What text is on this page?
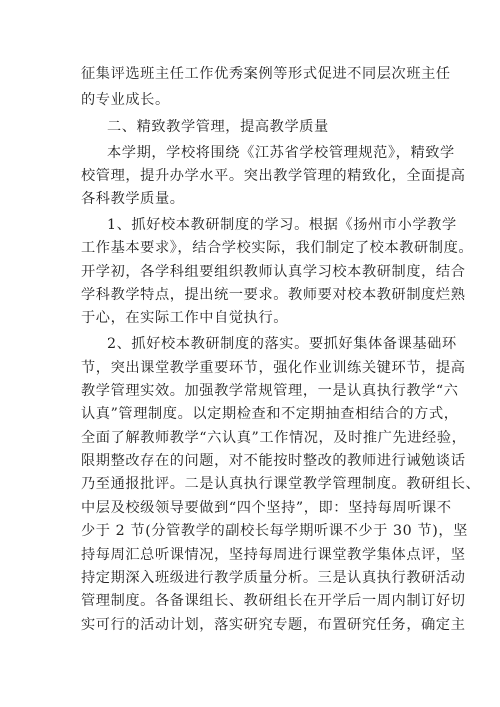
征集评选班主任工作优秀案例等形式促进不同层次班主任
的专业成长。
二、精致教学管理，提高教学质量
本学期，学校将围绕《江苏省学校管理规范》，精致学
校管理，提升办学水平。突出教学管理的精致化，全面提高
各科教学质量。
1、抓好校本教研制度的学习。根据《扬州市小学教学
工作基本要求》，结合学校实际，我们制定了校本教研制度。
开学初，各学科组要组织教师认真学习校本教研制度，结合
学科教学特点，提出统一要求。教师要对校本教研制度烂熟
于心，在实际工作中自觉执行。
2、抓好校本教研制度的落实。要抓好集体备课基础环
节，突出课堂教学重要环节，强化作业训练关键环节，提高
教学管理实效。加强教学常规管理，一是认真执行教学“六
认真”管理制度。以定期检查和不定期抽查相结合的方式，
全面了解教师教学“六认真”工作情况，及时推广先进经验，
限期整改存在的问题，对不能按时整改的教师进行诫勉谈话
乃至通报批评。二是认真执行课堂教学管理制度。教研组长、
中层及校级领导要做到“四个坚持”，即：坚持每周听课不
少于 2 节(分管教学的副校长每学期听课不少于 30 节)，坚
持每周汇总听课情况，坚持每周进行课堂教学集体点评，坚
持定期深入班级进行教学质量分析。三是认真执行教研活动
管理制度。各备课组长、教研组长在开学后一周内制订好切
实可行的活动计划，落实研究专题，布置研究任务，确定主
